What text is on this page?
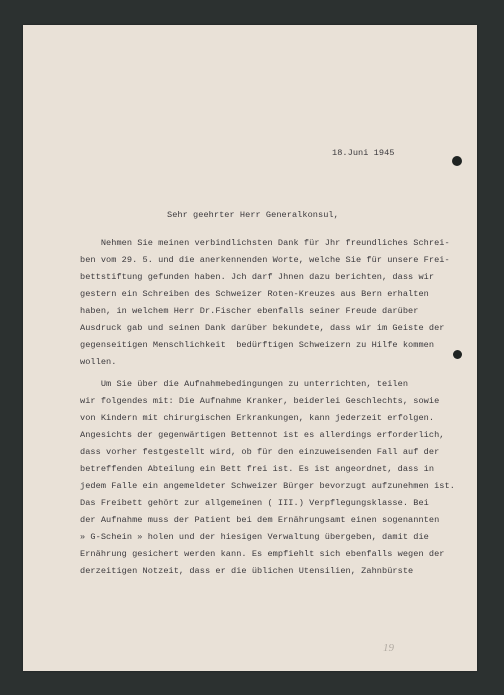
18.Juni 1945
Sehr geehrter Herr Generalkonsul,
Nehmen Sie meinen verbindlichsten Dank für Jhr freundliches Schrei-
ben vom 29. 5. und die anerkennenden Worte, welche Sie für unsere Frei-
bettstiftung gefunden haben. Jch darf Jhnen dazu berichten, dass wir
gestern ein Schreiben des Schweizer Roten-Kreuzes aus Bern erhalten
haben, in welchem Herr Dr.Fischer ebenfalls seiner Freude darüber
Ausdruck gab und seinen Dank darüber bekundete, dass wir im Geiste der
gegenseitigen Menschlichkeit  bedürftigen Schweizern zu Hilfe kommen
wollen.
Um Sie über die Aufnahmebedingungen zu unterrichten, teilen
wir folgendes mit: Die Aufnahme Kranker, beiderlei Geschlechts, sowie
von Kindern mit chirurgischen Erkrankungen, kann jederzeit erfolgen.
Angesichts der gegenwärtigen Bettennot ist es allerdings erforderlich,
dass vorher festgestellt wird, ob für den einzuweisenden Fall auf der
betreffenden Abteilung ein Bett frei ist. Es ist angeordnet, dass in
jedem Falle ein angemeldeter Schweizer Bürger bevorzugt aufzunehmen ist.
Das Freibett gehört zur allgemeinen ( III.) Verpflegungsklasse. Bei
der Aufnahme muss der Patient bei dem Ernährungsamt einen sogenannten
» G-Schein » holen und der hiesigen Verwaltung übergeben, damit die
Ernährung gesichert werden kann. Es empfiehlt sich ebenfalls wegen der
derzeitigen Notzeit, dass er die üblichen Utensilien, Zahnbürste
19
